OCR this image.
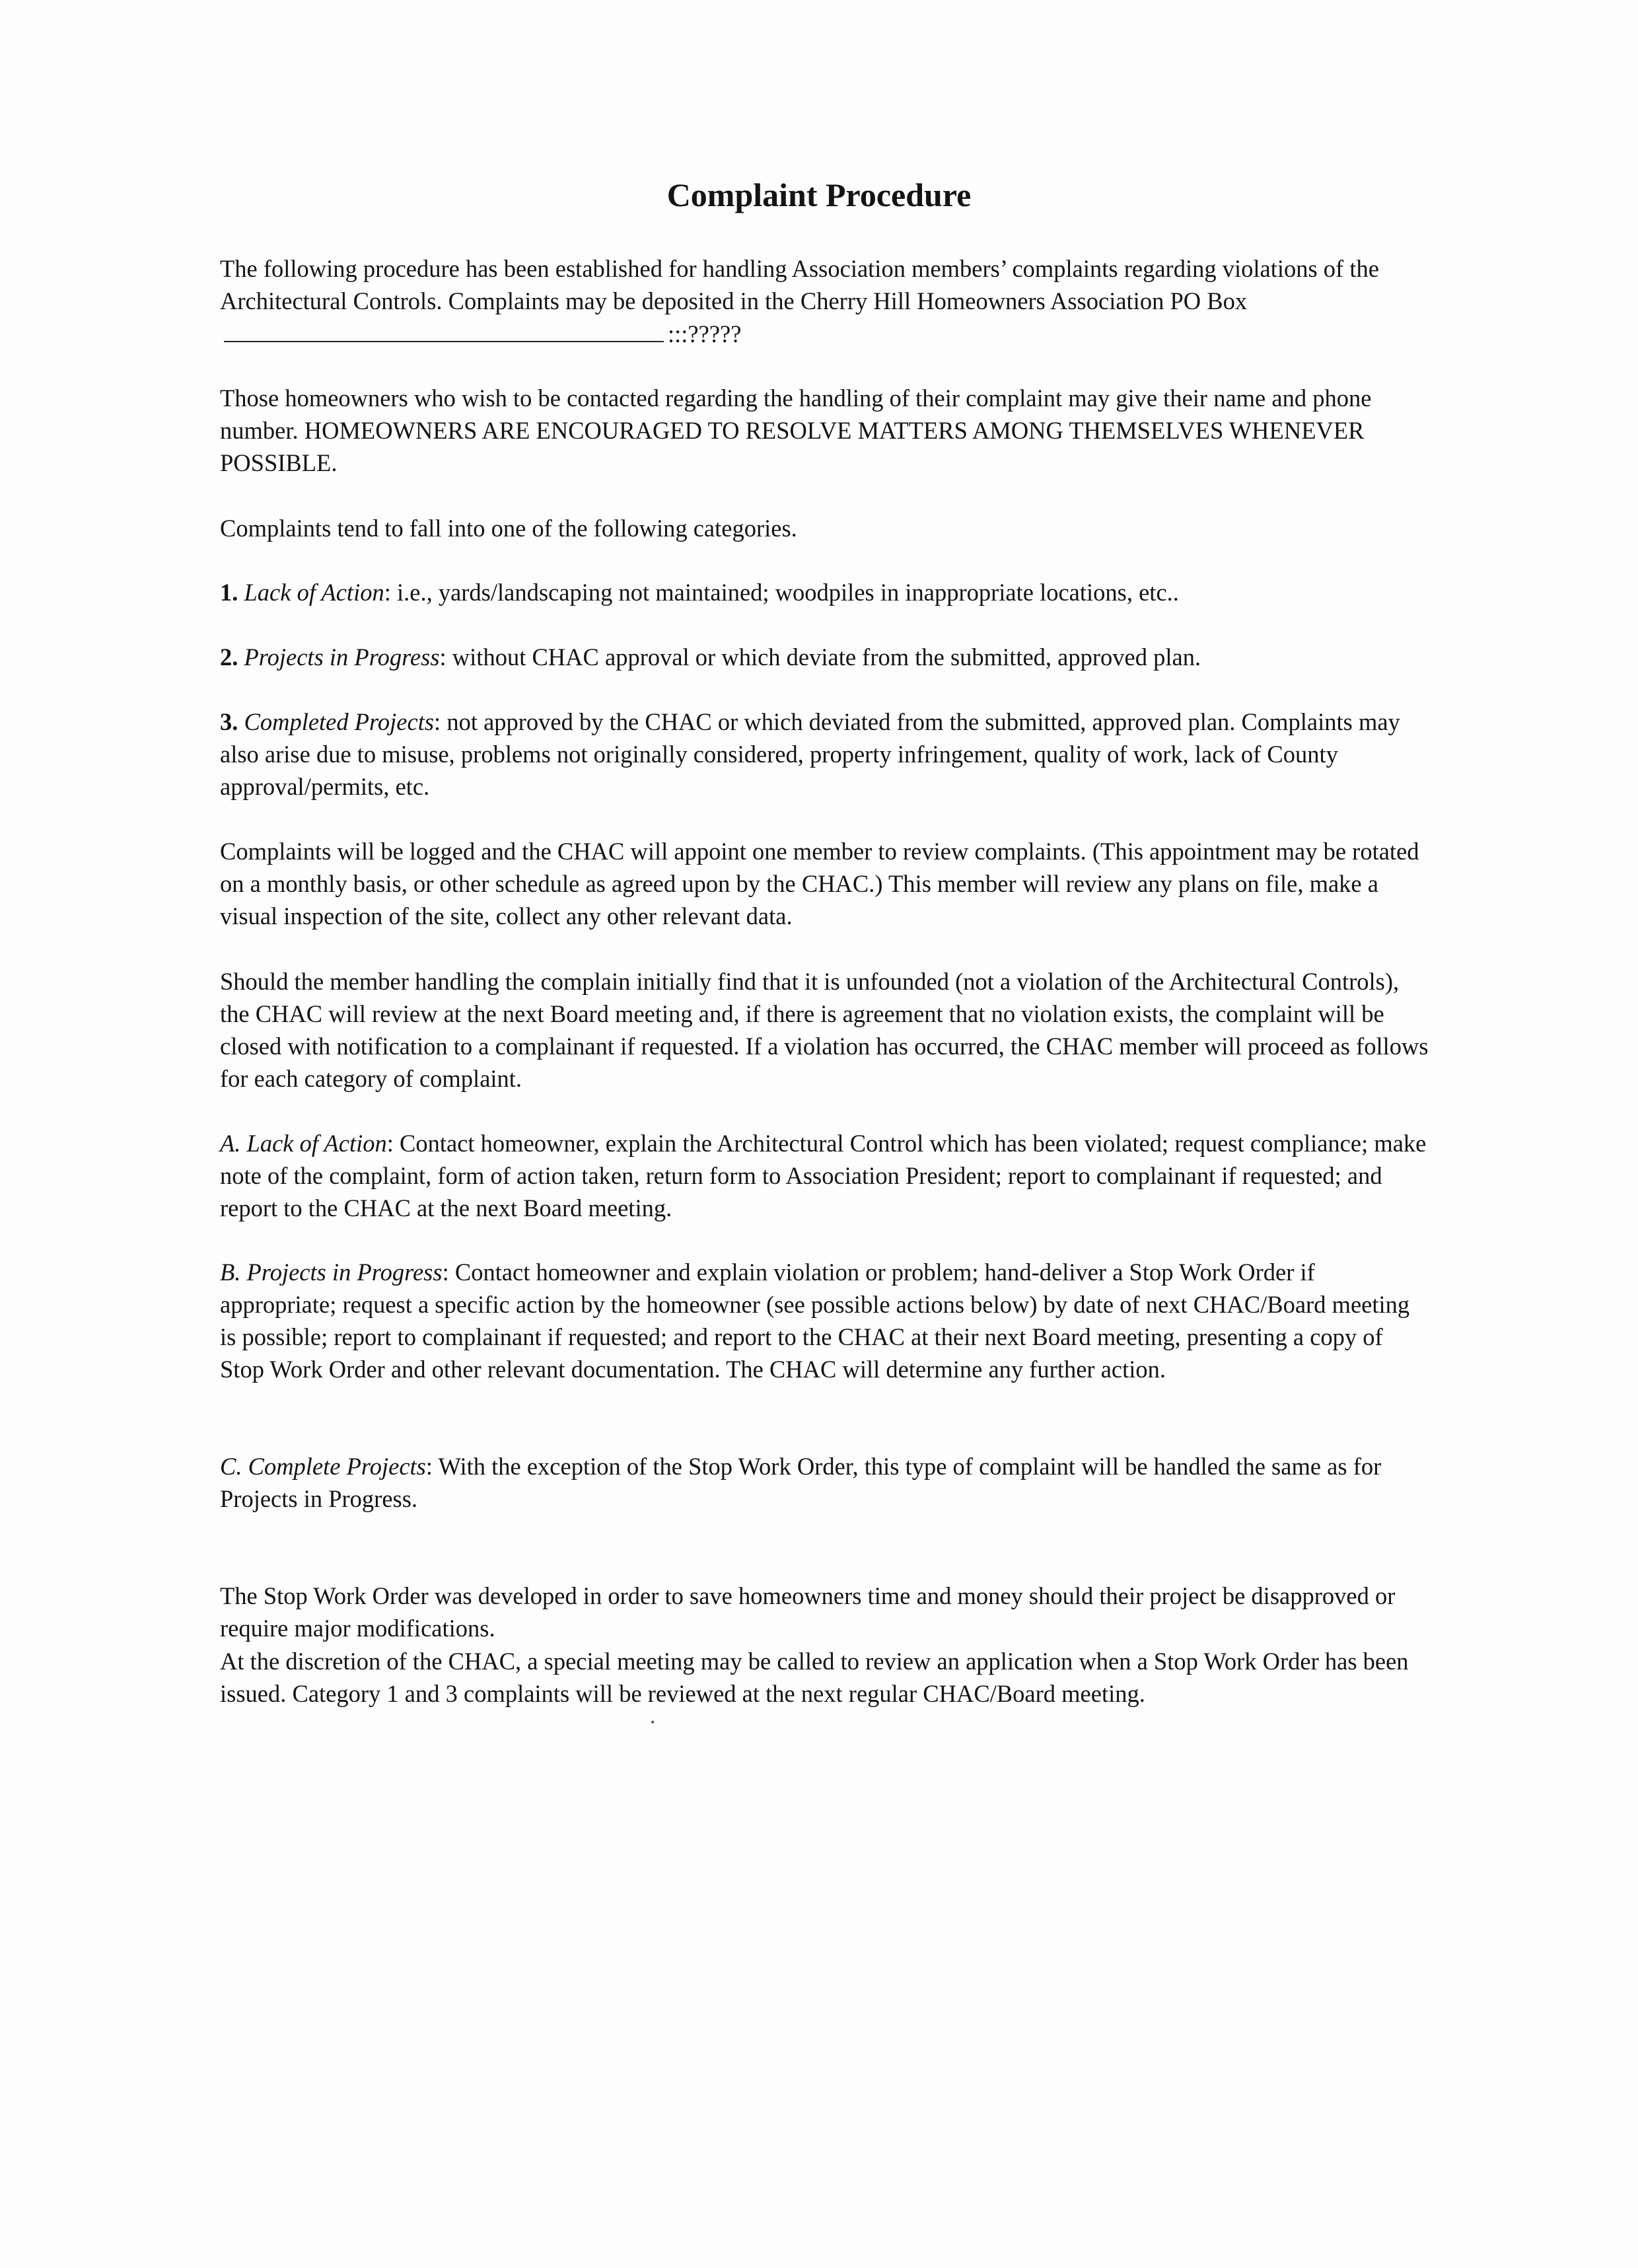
Complaint Procedure

The following procedure has been established for handling Association members’ complaints regarding violations of the Architectural Controls. Complaints may be deposited in the Cherry Hill Homeowners Association PO Box:::?????

Those homeowners who wish to be contacted regarding the handling of their complaint may give their name and phone number. HOMEOWNERS ARE ENCOURAGED TO RESOLVE MATTERS AMONG THEMSELVES WHENEVER POSSIBLE.

Complaints tend to fall into one of the following categories.

1. Lack of Action: i.e., yards/landscaping not maintained; woodpiles in inappropriate locations, etc..

2. Projects in Progress: without CHAC approval or which deviate from the submitted, approved plan.

3. Completed Projects: not approved by the CHAC or which deviated from the submitted, approved plan. Complaints may also arise due to misuse, problems not originally considered, property infringement, quality of work, lack of County approval/permits, etc.

Complaints will be logged and the CHAC will appoint one member to review complaints. (This appointment may be rotated on a monthly basis, or other schedule as agreed upon by the CHAC.) This member will review any plans on file, make a visual inspection of the site, collect any other relevant data.

Should the member handling the complain initially find that it is unfounded (not a violation of the Architectural Controls), the CHAC will review at the next Board meeting and, if there is agreement that no violation exists, the complaint will be closed with notification to a complainant if requested. If a violation has occurred, the CHAC member will proceed as follows for each category of complaint.

A. Lack of Action: Contact homeowner, explain the Architectural Control which has been violated; request compliance; make note of the complaint, form of action taken, return form to Association President; report to complainant if requested; and report to the CHAC at the next Board meeting.

B. Projects in Progress: Contact homeowner and explain violation or problem; hand-deliver a Stop Work Order if appropriate; request a specific action by the homeowner (see possible actions below) by date of next CHAC/Board meeting is possible; report to complainant if requested; and report to the CHAC at their next Board meeting, presenting a copy of Stop Work Order and other relevant documentation. The CHAC will determine any further action.

C. Complete Projects: With the exception of the Stop Work Order, this type of complaint will be handled the same as for Projects in Progress.

The Stop Work Order was developed in order to save homeowners time and money should their project be disapproved or require major modifications.

At the discretion of the CHAC, a special meeting may be called to review an application when a Stop Work Order has been issued. Category 1 and 3 complaints will be reviewed at the next regular CHAC/Board meeting.

•
